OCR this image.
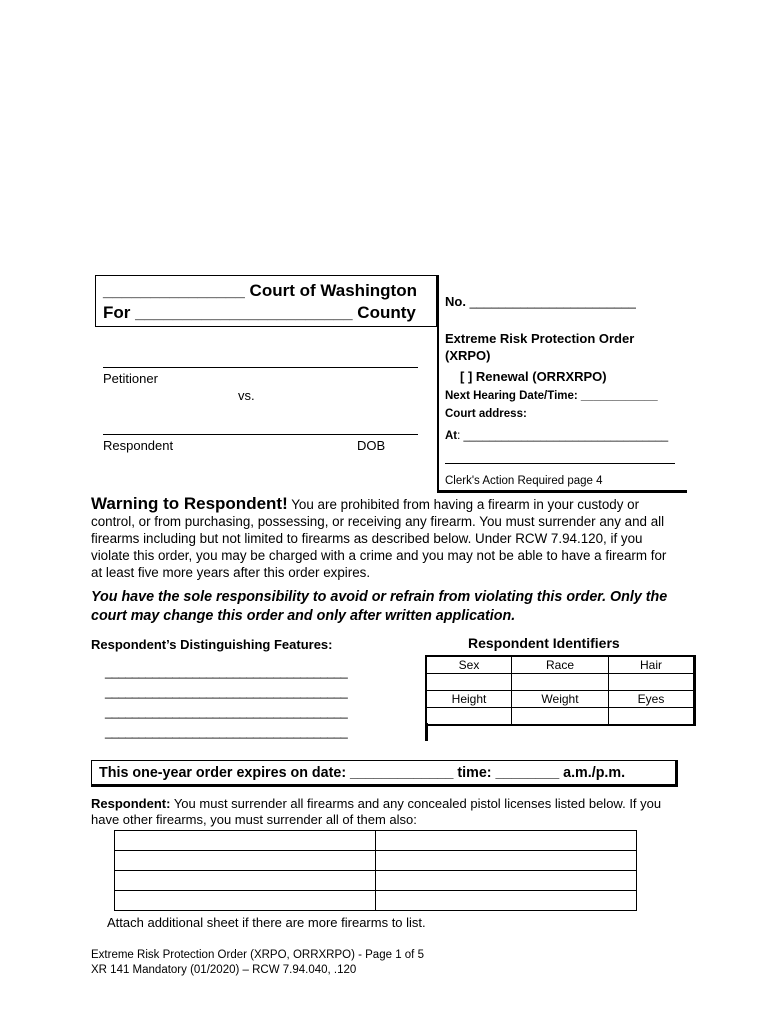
_______________ Court of Washington
For _______________________ County
Petitioner
vs.
Respondent	DOB
No. _______________________
Extreme Risk Protection Order (XRPO)
[ ] Renewal (ORRXRPO)
Next Hearing Date/Time: ____________
Court address:
At: ________________________________
Clerk's Action Required page 4
Warning to Respondent! You are prohibited from having a firearm in your custody or control, or from purchasing, possessing, or receiving any firearm. You must surrender any and all firearms including but not limited to firearms as described below. Under RCW 7.94.120, if you violate this order, you may be charged with a crime and you may not be able to have a firearm for at least five more years after this order expires.
You have the sole responsibility to avoid or refrain from violating this order. Only the court may change this order and only after written application.
Respondent’s Distinguishing Features:
____________________________________
____________________________________
____________________________________
____________________________________
Respondent Identifiers
Sex	Race	Hair

Height	Weight	Eyes

This one-year order expires on date: _____________ time: ________ a.m./p.m.
Respondent: You must surrender all firearms and any concealed pistol licenses listed below. If you have other firearms, you must surrender all of them also:

Attach additional sheet if there are more firearms to list.
Extreme Risk Protection Order (XRPO, ORRXRPO) - Page 1 of 5
XR 141 Mandatory (01/2020) – RCW 7.94.040, .120
